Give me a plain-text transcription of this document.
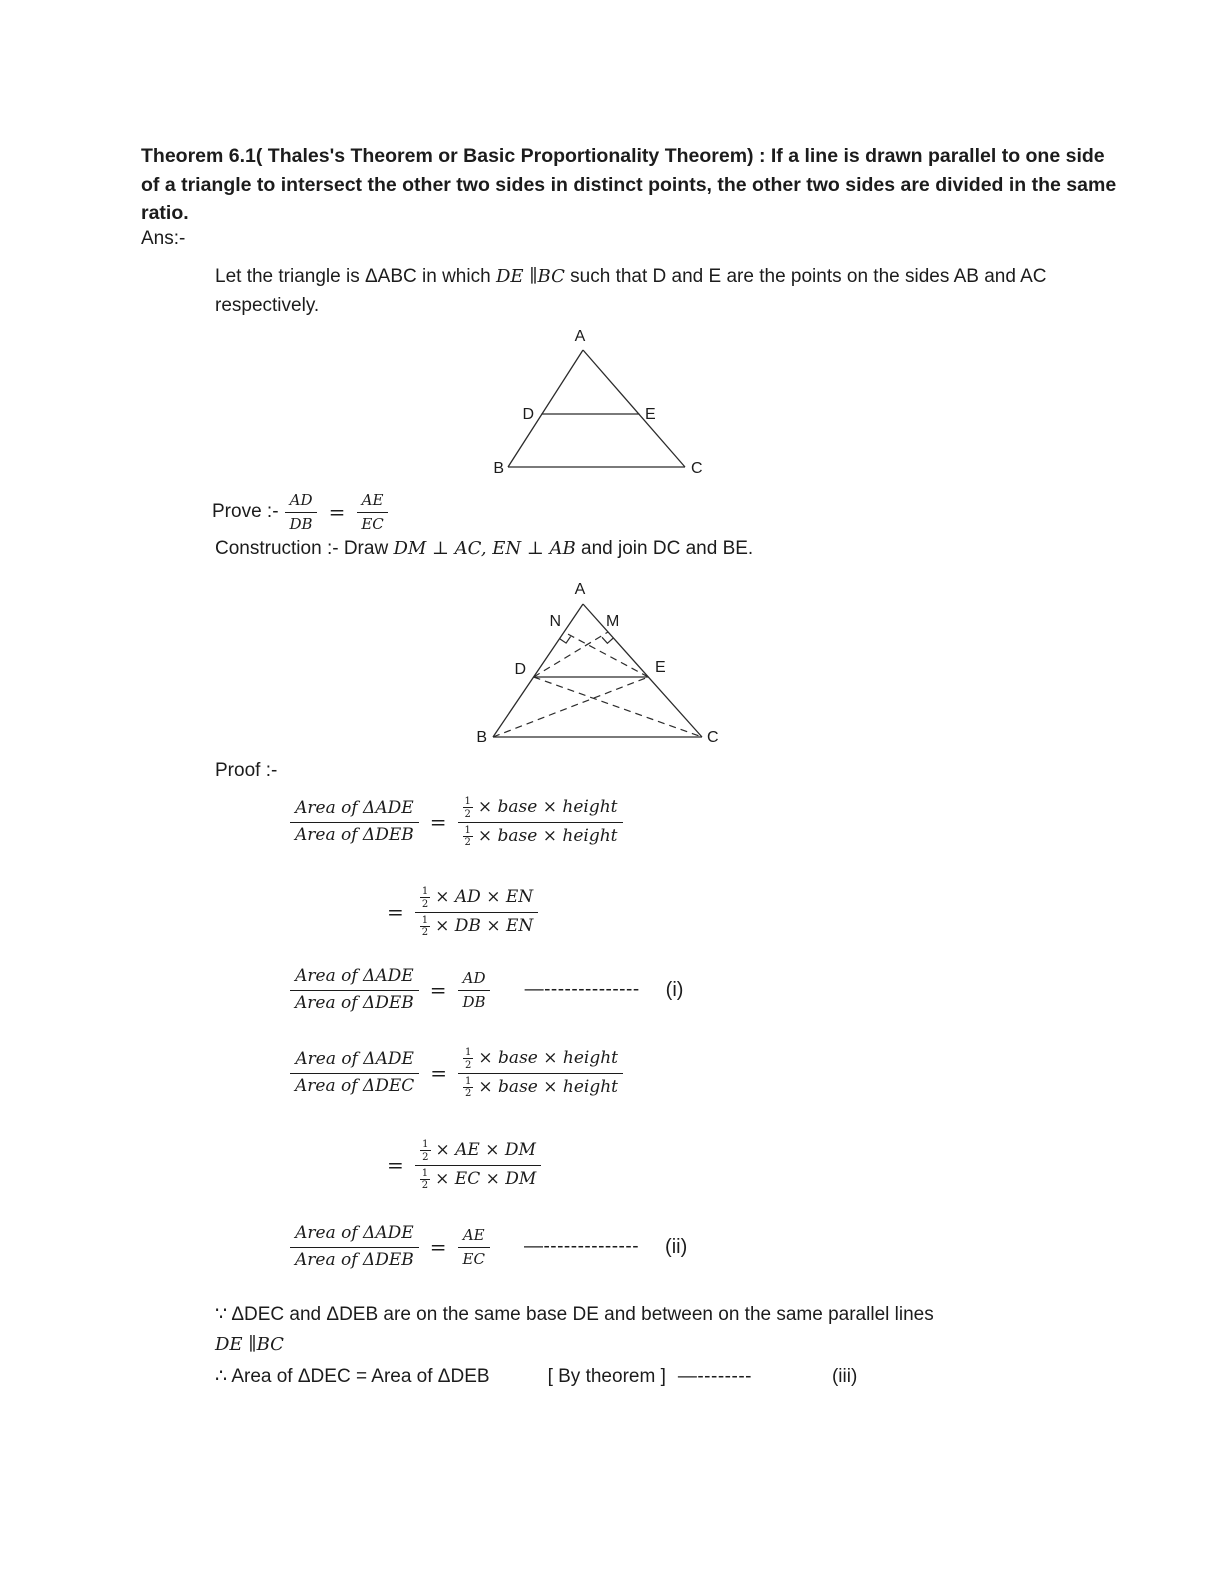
Theorem 6.1( Thales's Theorem or Basic Proportionality Theorem) : If a line is drawn parallel to one side of a triangle to intersect the other two sides in distinct points, the other two sides are divided in the same ratio.
Ans:-
Let the triangle is ΔABC in which DE ∥BC such that D and E are the points on the sides AB and AC respectively.
A
D	E
B	C
Prove :- $\frac{AD}{DB} = \frac{AE}{EC}$
Construction :- Draw DM ⊥ AC, EN ⊥ AB and join DC and BE.
A
N	M
D	E
B	C
Proof :-
$\frac{\text{Area of ΔADE}}{\text{Area of ΔDEB}} = \frac{\frac{1}{2} \times base \times height}{\frac{1}{2} \times base \times height}$
= $\frac{\frac{1}{2} \times AD \times EN}{\frac{1}{2} \times DB \times EN}$
$\frac{\text{Area of ΔADE}}{\text{Area of ΔDEB}} = \frac{AD}{DB}$ —-------------- (i)
$\frac{\text{Area of ΔADE}}{\text{Area of ΔDEC}} = \frac{\frac{1}{2} \times base \times height}{\frac{1}{2} \times base \times height}$
= $\frac{\frac{1}{2} \times AE \times DM}{\frac{1}{2} \times EC \times DM}$
$\frac{\text{Area of ΔADE}}{\text{Area of ΔDEB}} = \frac{AE}{EC}$ —-------------- (ii)
∵ ΔDEC and ΔDEB are on the same base DE and between on the same parallel lines
DE ∥BC
∴ Area of ΔDEC = Area of ΔDEB	[ By theorem ] —--------	(iii)
